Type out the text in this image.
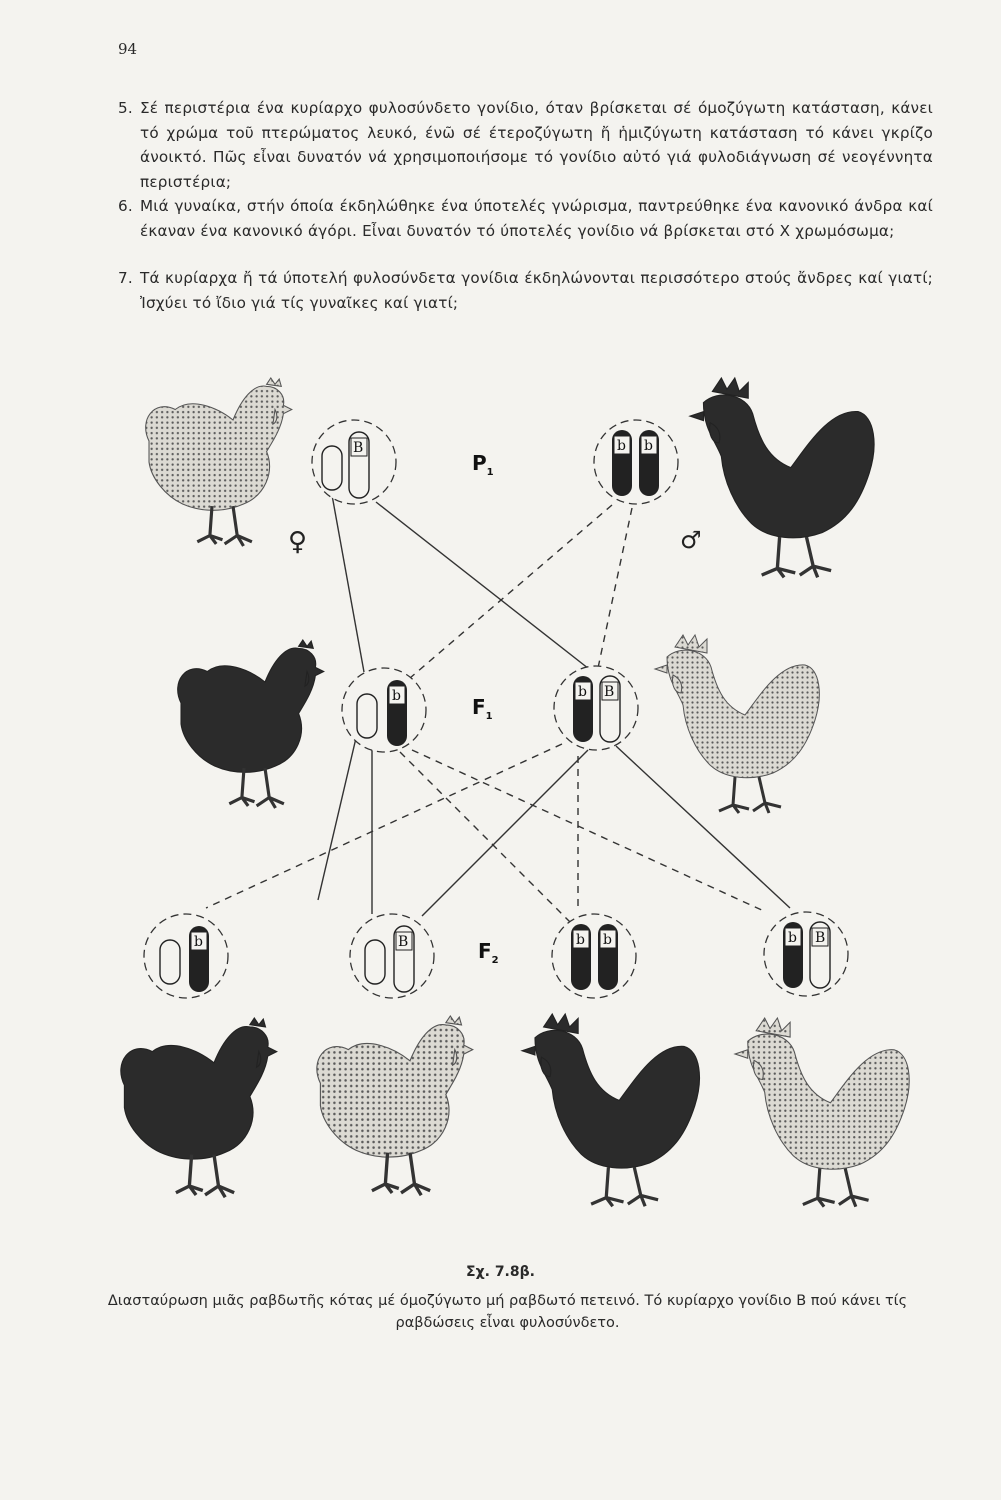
94
5. Σέ περιστέρια ένα κυρίαρχο φυλοσύνδετο γονίδιο, όταν βρίσκεται σέ όμοζύγωτη κατάσταση, κάνει τό χρώμα τοῦ πτερώματος λευκό, ένῶ σέ έτεροζύγωτη ἤ ἡμιζύγωτη κατάσταση τό κάνει γκρίζο άνοικτό. Πῶς εἶναι δυνατόν νά χρησιμοποιήσομε τό γονίδιο αὐτό γιά φυλοδιάγνωση σέ νεογέννητα περιστέρια;
6. Μιά γυναίκα, στήν όποία έκδηλώθηκε ένα ύποτελές γνώρισμα, παντρεύθηκε ένα κανονικό άνδρα καί έκαναν ένα κανονικό άγόρι. Εἶναι δυνατόν τό ύποτελές γονίδιο νά βρίσκεται στό Χ χρωμόσωμα;
7. Τά κυρίαρχα ἤ τά ύποτελή φυλοσύνδετα γονίδια έκδηλώνονται περισσότερο στούς ἄνδρες καί γιατί; Ἰσχύει τό ἴδιο γιά τίς γυναῖκες καί γιατί;
$P_1$
$F_1$
$F_2$
♀	♂
B	b b
b	b B
b	B	b b	b B
Σχ. 7.8β.
Διασταύρωση μιᾶς ραβδωτῆς κότας μέ όμοζύγωτο μή ραβδωτό πετεινό. Τό κυρίαρχο γονίδιο Β πού κάνει τίς ραβδώσεις εἶναι φυλοσύνδετο.
